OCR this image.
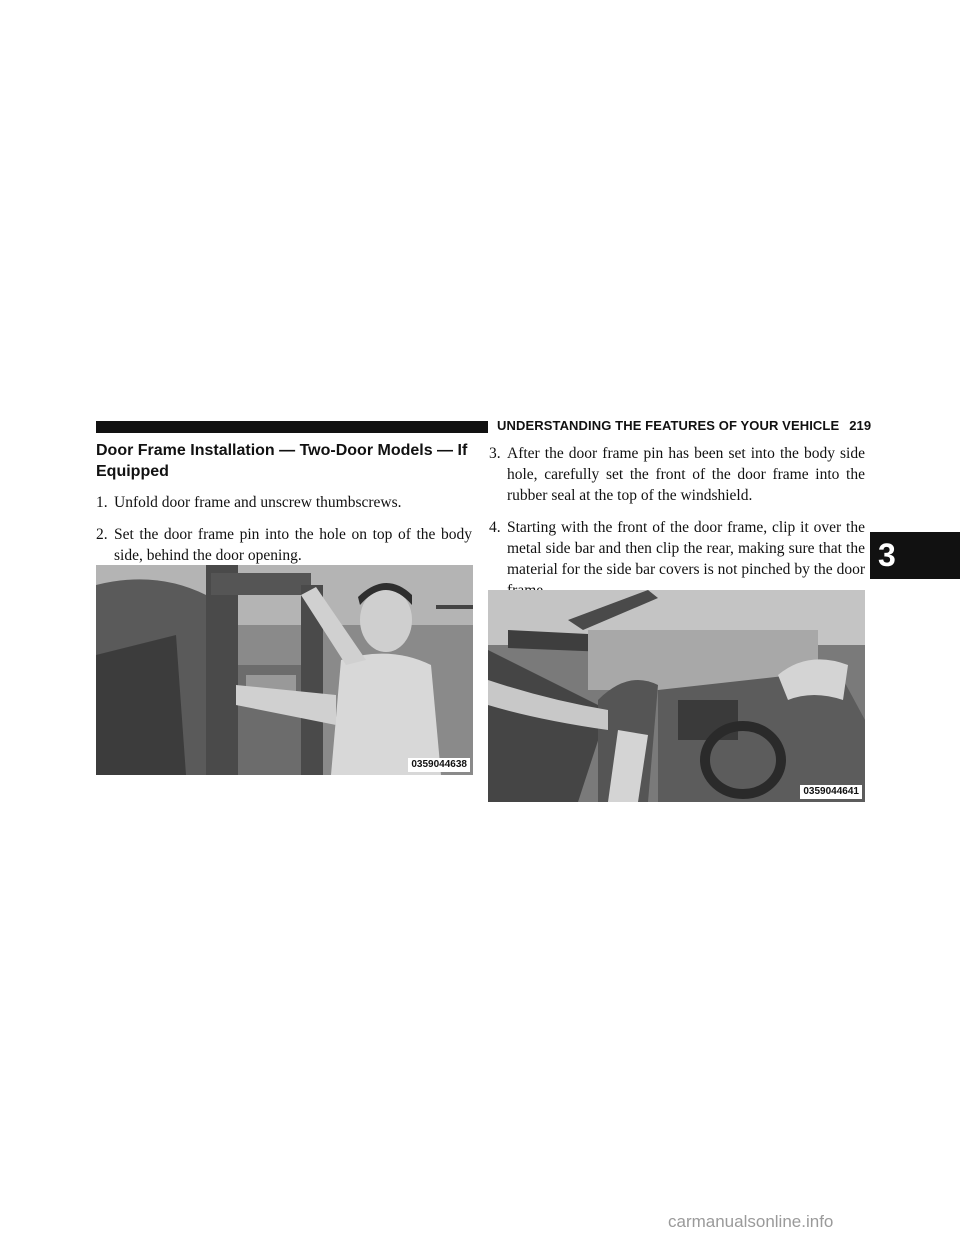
UNDERSTANDING THE FEATURES OF YOUR VEHICLE 219
3
Door Frame Installation — Two-Door Models — If Equipped

1. Unfold door frame and unscrew thumbscrews.

2. Set the door frame pin into the hole on top of the body side, behind the door opening.

0359044638

3. After the door frame pin has been set into the body side hole, carefully set the front of the door frame into the rubber seal at the top of the windshield.

4. Starting with the front of the door frame, clip it over the metal side bar and then clip the rear, making sure that the material for the side bar covers is not pinched by the door

0359044641
carmanualsonline.info
